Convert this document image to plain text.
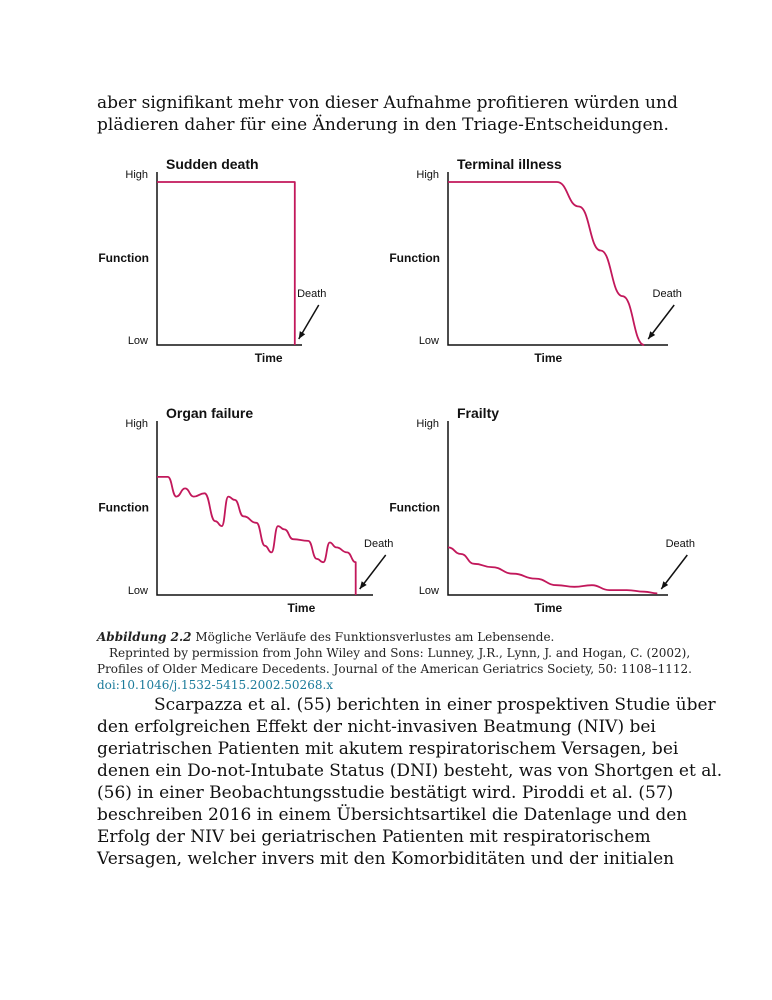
aber signifikant mehr von dieser Aufnahme profitieren würden und
plädieren daher für eine Änderung in den Triage-Entscheidungen.
Sudden death
High
Low
Function
Time
Death
Terminal illness
High
Low
Function
Time
Death
Organ failure
High
Low
Function
Time
Death
Frailty
High
Low
Function
Time
Death
Abbildung 2.2 Mögliche Verläufe des Funktionsverlustes am Lebensende.
Reprinted by permission from John Wiley and Sons: Lunney, J.R., Lynn, J. and Hogan, C. (2002),
Profiles of Older Medicare Decedents. Journal of the American Geriatrics Society, 50: 1108–1112.
doi:10.1046/j.1532-5415.2002.50268.x
Scarpazza et al. (55) berichten in einer prospektiven Studie über
den erfolgreichen Effekt der nicht-invasiven Beatmung (NIV) bei
geriatrischen Patienten mit akutem respiratorischem Versagen, bei
denen ein Do-not-Intubate Status (DNI) besteht, was von Shortgen et al.
(56) in einer Beobachtungsstudie bestätigt wird. Piroddi et al. (57)
beschreiben 2016 in einem Übersichtsartikel die Datenlage und den
Erfolg der NIV bei geriatrischen Patienten mit respiratorischem
Versagen, welcher invers mit den Komorbiditäten und der initialen
